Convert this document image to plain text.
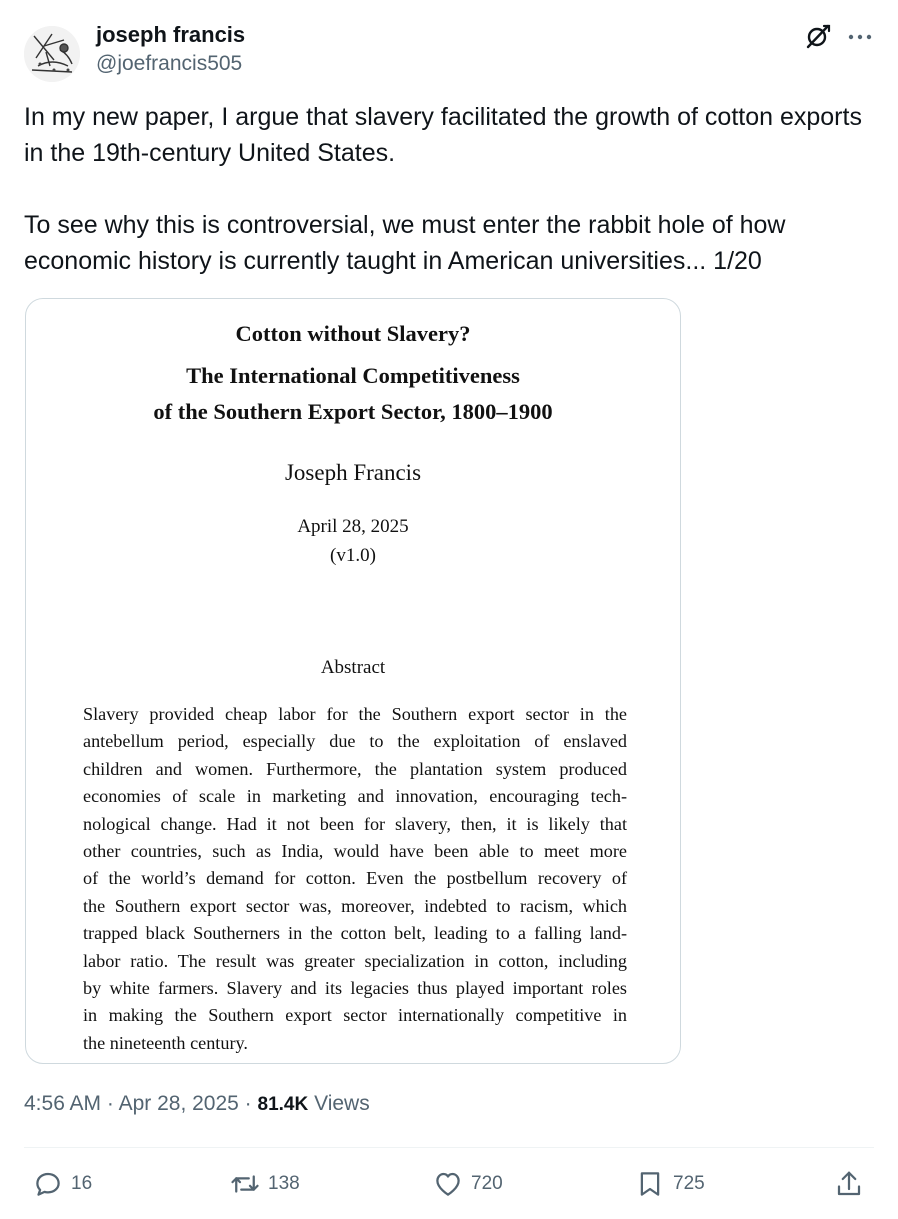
joseph francis
@joefrancis505

In my new paper, I argue that slavery facilitated the growth of cotton exports in the 19th-century United States.

To see why this is controversial, we must enter the rabbit hole of how economic history is currently taught in American universities... 1/20

Cotton without Slavery?
The International Competitiveness
of the Southern Export Sector, 1800–1900
Joseph Francis
April 28, 2025
(v1.0)
Abstract
Slavery provided cheap labor for the Southern export sector in the
antebellum period, especially due to the exploitation of enslaved
children and women. Furthermore, the plantation system produced
economies of scale in marketing and innovation, encouraging tech-
nological change. Had it not been for slavery, then, it is likely that
other countries, such as India, would have been able to meet more
of the world’s demand for cotton. Even the postbellum recovery of
the Southern export sector was, moreover, indebted to racism, which
trapped black Southerners in the cotton belt, leading to a falling land-
labor ratio. The result was greater specialization in cotton, including
by white farmers. Slavery and its legacies thus played important roles
in making the Southern export sector internationally competitive in
the nineteenth century.
4:56 AM · Apr 28, 2025 · 81.4K Views
16	138	720	725
